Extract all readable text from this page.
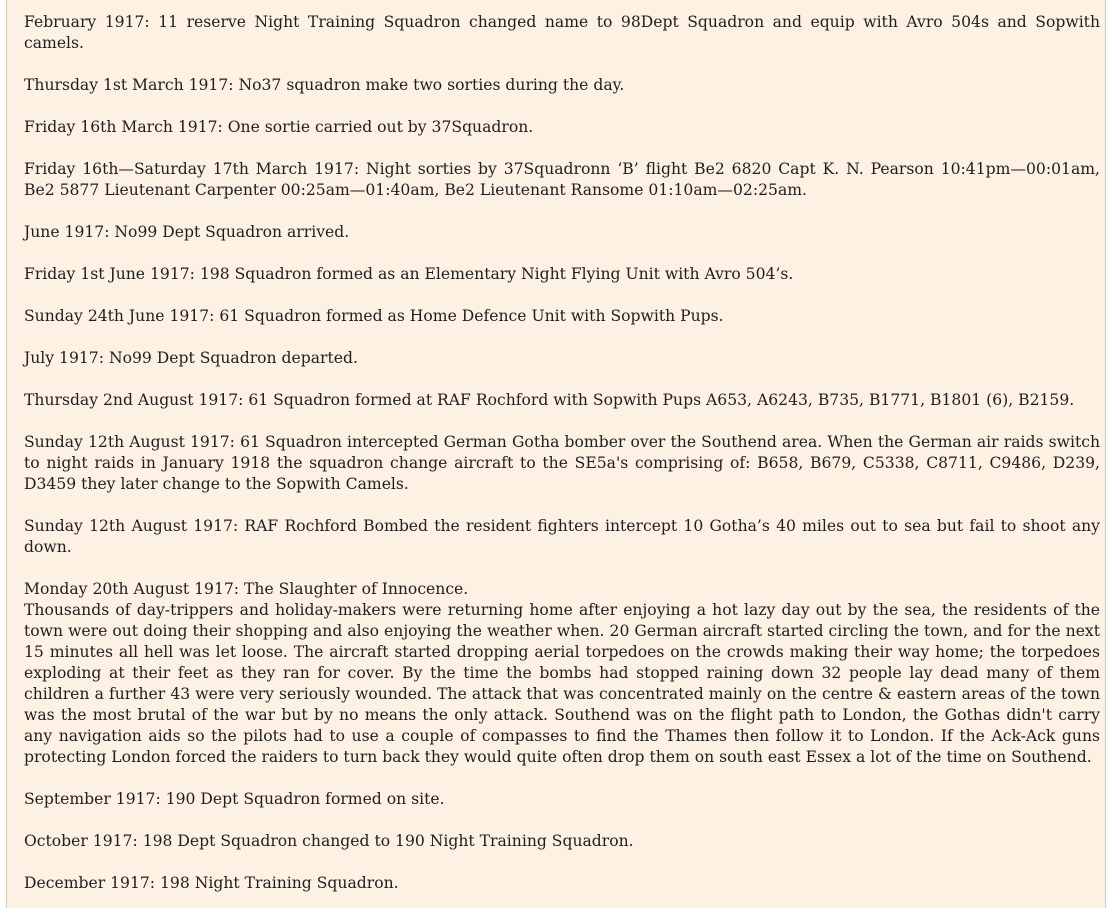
February 1917: 11 reserve Night Training Squadron changed name to 98Dept Squadron and equip with Avro 504s and Sopwith camels.

Thursday 1st March 1917: No37 squadron make two sorties during the day.

Friday 16th March 1917: One sortie carried out by 37Squadron.

Friday 16th—Saturday 17th March 1917: Night sorties by 37Squadronn ‘B’ flight Be2 6820 Capt K. N. Pearson 10:41pm—00:01am, Be2 5877 Lieutenant Carpenter 00:25am—01:40am, Be2 Lieutenant Ransome 01:10am—02:25am.

June 1917: No99 Dept Squadron arrived.

Friday 1st June 1917: 198 Squadron formed as an Elementary Night Flying Unit with Avro 504’s.

Sunday 24th June 1917: 61 Squadron formed as Home Defence Unit with Sopwith Pups.

July 1917: No99 Dept Squadron departed.

Thursday 2nd August 1917: 61 Squadron formed at RAF Rochford with Sopwith Pups A653, A6243, B735, B1771, B1801 (6), B2159.

Sunday 12th August 1917: 61 Squadron intercepted German Gotha bomber over the Southend area. When the German air raids switch to night raids in January 1918 the squadron change aircraft to the SE5a's comprising of: B658, B679, C5338, C8711, C9486, D239, D3459 they later change to the Sopwith Camels.

Sunday 12th August 1917: RAF Rochford Bombed the resident fighters intercept 10 Gotha’s 40 miles out to sea but fail to shoot any down.

Monday 20th August 1917: The Slaughter of Innocence.

Thousands of day-trippers and holiday-makers were returning home after enjoying a hot lazy day out by the sea, the residents of the town were out doing their shopping and also enjoying the weather when. 20 German aircraft started circling the town, and for the next 15 minutes all hell was let loose. The aircraft started dropping aerial torpedoes on the crowds making their way home; the torpedoes exploding at their feet as they ran for cover. By the time the bombs had stopped raining down 32 people lay dead many of them children a further 43 were very seriously wounded. The attack that was concentrated mainly on the centre & eastern areas of the town was the most brutal of the war but by no means the only attack. Southend was on the flight path to London, the Gothas didn't carry any navigation aids so the pilots had to use a couple of compasses to find the Thames then follow it to London. If the Ack-Ack guns protecting London forced the raiders to turn back they would quite often drop them on south east Essex a lot of the time on Southend.

September 1917: 190 Dept Squadron formed on site.

October 1917: 198 Dept Squadron changed to 190 Night Training Squadron.

December 1917: 198 Night Training Squadron.
